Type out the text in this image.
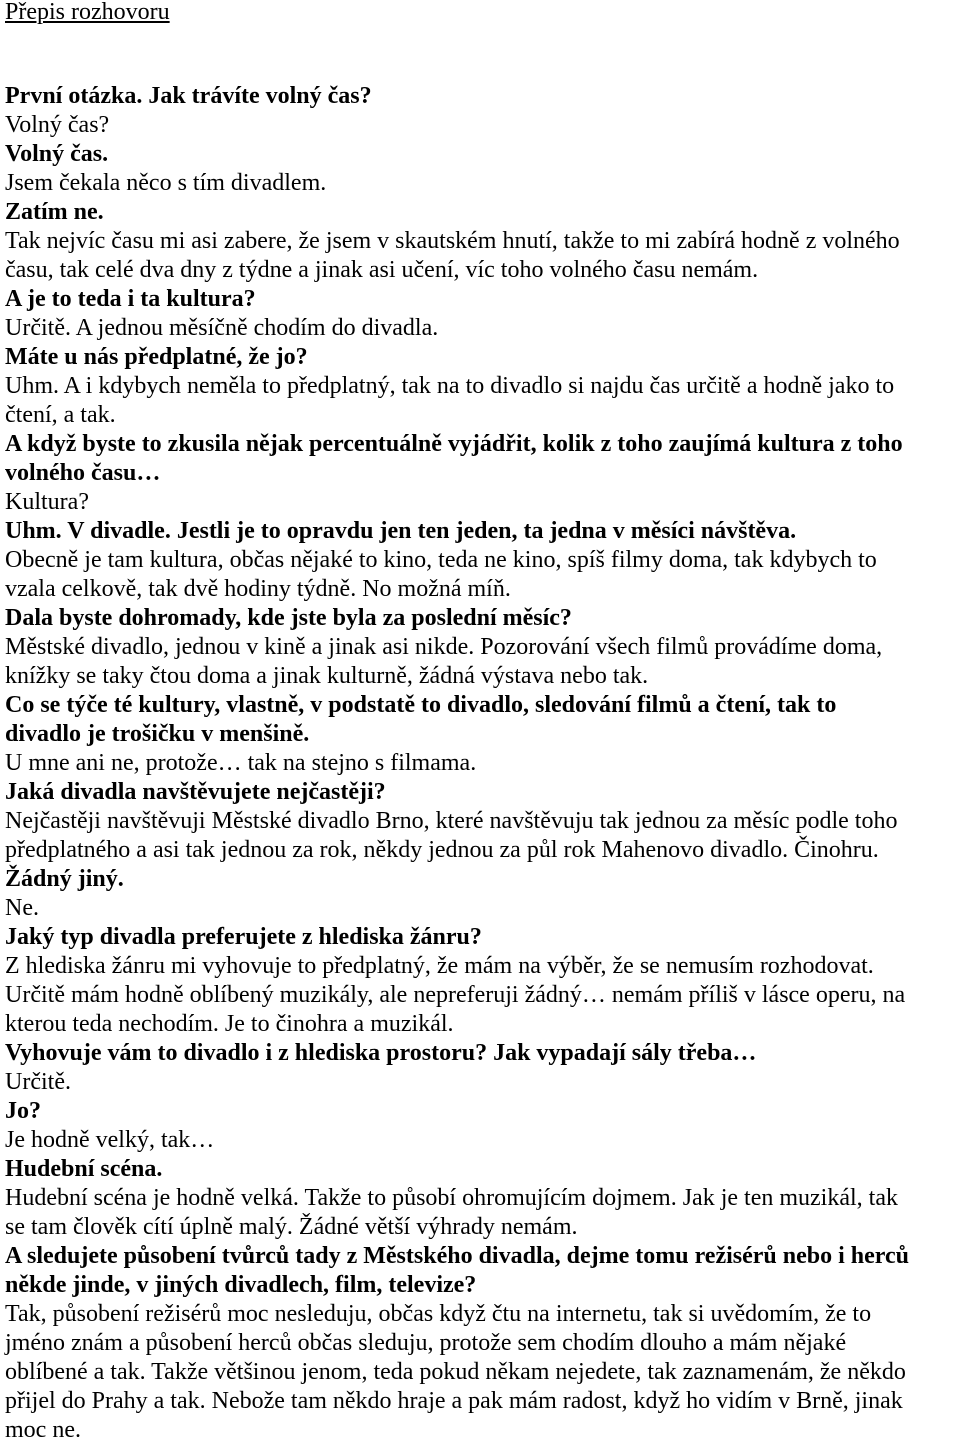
Přepis rozhovoru

První otázka. Jak trávíte volný čas?

Volný čas?

Volný čas.

Jsem čekala něco s tím divadlem.

Zatím ne.

Tak nejvíc času mi asi zabere, že jsem v skautském hnutí, takže to mi zabírá hodně z volného
času, tak celé dva dny z týdne a jinak asi učení, víc toho volného času nemám.

A je to teda i ta kultura?

Určitě. A jednou měsíčně chodím do divadla.

Máte u nás předplatné, že jo?

Uhm. A i kdybych neměla to předplatný, tak na to divadlo si najdu čas určitě a hodně jako to
čtení, a tak.

A když byste to zkusila nějak percentuálně vyjádřit, kolik z toho zaujímá kultura z toho
volného času…

Kultura?

Uhm. V divadle. Jestli je to opravdu jen ten jeden, ta jedna v měsíci návštěva.

Obecně je tam kultura, občas nějaké to kino, teda ne kino, spíš filmy doma, tak kdybych to
vzala celkově, tak dvě hodiny týdně. No možná míň.

Dala byste dohromady, kde jste byla za poslední měsíc?

Městské divadlo, jednou v kině a jinak asi nikde. Pozorování všech filmů provádíme doma,
knížky se taky čtou doma a jinak kulturně, žádná výstava nebo tak.

Co se týče té kultury, vlastně, v podstatě to divadlo, sledování filmů a čtení, tak to
divadlo je trošičku v menšině.

U mne ani ne, protože… tak na stejno s filmama.

Jaká divadla navštěvujete nejčastěji?

Nejčastěji navštěvuji Městské divadlo Brno, které navštěvuju tak jednou za měsíc podle toho
předplatného a asi tak jednou za rok, někdy jednou za půl rok Mahenovo divadlo. Činohru.

Žádný jiný.

Ne.

Jaký typ divadla preferujete z hlediska žánru?

Z hlediska žánru mi vyhovuje to předplatný, že mám na výběr, že se nemusím rozhodovat.
Určitě mám hodně oblíbený muzikály, ale nepreferuji žádný… nemám příliš v lásce operu, na
kterou teda nechodím. Je to činohra a muzikál.

Vyhovuje vám to divadlo i z hlediska prostoru? Jak vypadají sály třeba…

Určitě.

Jo?

Je hodně velký, tak…

Hudební scéna.

Hudební scéna je hodně velká. Takže to působí ohromujícím dojmem. Jak je ten muzikál, tak
se tam člověk cítí úplně malý. Žádné větší výhrady nemám.

A sledujete působení tvůrců tady z Městského divadla, dejme tomu režisérů nebo i herců
někde jinde, v jiných divadlech, film, televize?

Tak, působení režisérů moc nesleduju, občas když čtu na internetu, tak si uvědomím, že to
jméno znám a působení herců občas sleduju, protože sem chodím dlouho a mám nějaké
oblíbené a tak. Takže většinou jenom, teda pokud někam nejedete, tak zaznamenám, že někdo
přijel do Prahy a tak. Nebože tam někdo hraje a pak mám radost, když ho vidím v Brně, jinak
moc ne.
